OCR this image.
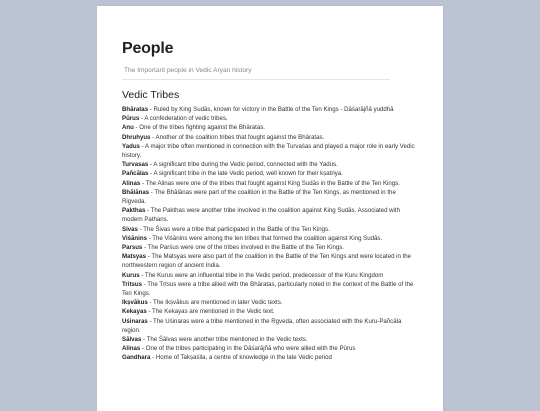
People
The Important people in Vedic Aryan history
Vedic Tribes

Bhāratas - Ruled by King Sudās, known for victory in the Battle of the Ten Kings - Dāśarājñā yuddhā

Pūrus - A confederation of vedic tribes.

Anu - One of the tribes fighting against the Bhāratas.

Dhruhyus - Another of the coalition tribes that fought against the Bhāratas.

Yadus - A major tribe often mentioned in connection with the Turvaśas and played a major role in early Vedic history.

Turvasas - A significant tribe during the Vedic period, connected with the Yadus.

Pañcālas - A significant tribe in the late Vedic period, well known for their kṣatriya.

Alinas - The Alinas were one of the tribes that fought against King Sudās in the Battle of the Ten Kings.

Bhālānas - The Bhālānas were part of the coalition in the Battle of the Ten Kings, as mentioned in the Rigveda.

Pakthas - The Pakthas were another tribe involved in the coalition against King Sudās. Associated with modern Pathans.

Sivas - The Śivas were a tribe that participated in the Battle of the Ten Kings.

Viśānins - The Viśānins were among the ten tribes that formed the coalition against King Sudās.

Parsus - The Parśus were one of the tribes involved in the Battle of the Ten Kings.

Matsyas - The Matsyas were also part of the coalition in the Battle of the Ten Kings and were located in the northwestern region of ancient India.

Kurus - The Kurus were an influential tribe in the Vedic period, predecessor of the Kuru Kingdom

Tritsus - The Tṛtsus were a tribe allied with the Bhāratas, particularly noted in the context of the Battle of the Ten Kings.

Ikṣvākus - The Ikṣvākus are mentioned in later Vedic texts.

Kekayas - The Kekayas are mentioned in the Vedic text.

Uśinaras - The Uśinaras were a tribe mentioned in the Ṛgveda, often associated with the Kuru-Pañcāla region.

Sālvas - The Śālvas were another tribe mentioned in the Vedic texts.

Alinas - One of the tribes participating in the Dāśarājñā who were allied with the Pūrus

Gandhara - Home of Takṣaśila, a centre of knowledge in the late Vedic period
